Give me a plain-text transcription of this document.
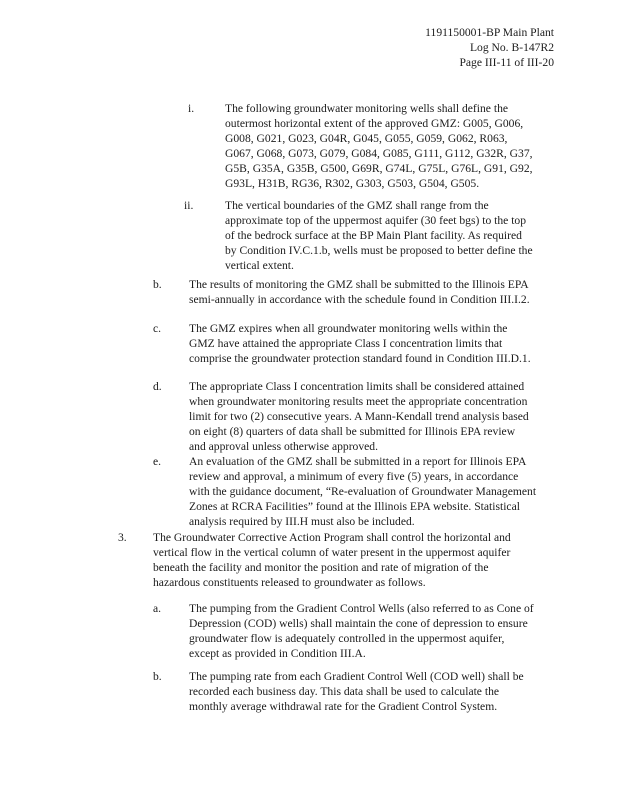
1191150001-BP Main Plant
Log No. B-147R2
Page III-11 of III-20
i.	The following groundwater monitoring wells shall define the
outermost horizontal extent of the approved GMZ: G005, G006,
G008, G021, G023, G04R, G045, G055, G059, G062, R063,
G067, G068, G073, G079, G084, G085, G111, G112, G32R, G37,
G5B, G35A, G35B, G500, G69R, G74L, G75L, G76L, G91, G92,
G93L, H31B, RG36, R302, G303, G503, G504, G505.
ii.	The vertical boundaries of the GMZ shall range from the
approximate top of the uppermost aquifer (30 feet bgs) to the top
of the bedrock surface at the BP Main Plant facility. As required
by Condition IV.C.1.b, wells must be proposed to better define the
vertical extent.
b. The results of monitoring the GMZ shall be submitted to the Illinois EPA
semi-annually in accordance with the schedule found in Condition III.I.2.
c. The GMZ expires when all groundwater monitoring wells within the
GMZ have attained the appropriate Class I concentration limits that
comprise the groundwater protection standard found in Condition III.D.1.
d. The appropriate Class I concentration limits shall be considered attained
when groundwater monitoring results meet the appropriate concentration
limit for two (2) consecutive years. A Mann-Kendall trend analysis based
on eight (8) quarters of data shall be submitted for Illinois EPA review
and approval unless otherwise approved.
e. An evaluation of the GMZ shall be submitted in a report for Illinois EPA
review and approval, a minimum of every five (5) years, in accordance
with the guidance document, “Re-evaluation of Groundwater Management
Zones at RCRA Facilities” found at the Illinois EPA website. Statistical
analysis required by III.H must also be included.
3. The Groundwater Corrective Action Program shall control the horizontal and
vertical flow in the vertical column of water present in the uppermost aquifer
beneath the facility and monitor the position and rate of migration of the
hazardous constituents released to groundwater as follows.
a. The pumping from the Gradient Control Wells (also referred to as Cone of
Depression (COD) wells) shall maintain the cone of depression to ensure
groundwater flow is adequately controlled in the uppermost aquifer,
except as provided in Condition III.A.
b. The pumping rate from each Gradient Control Well (COD well) shall be
recorded each business day. This data shall be used to calculate the
monthly average withdrawal rate for the Gradient Control System.
